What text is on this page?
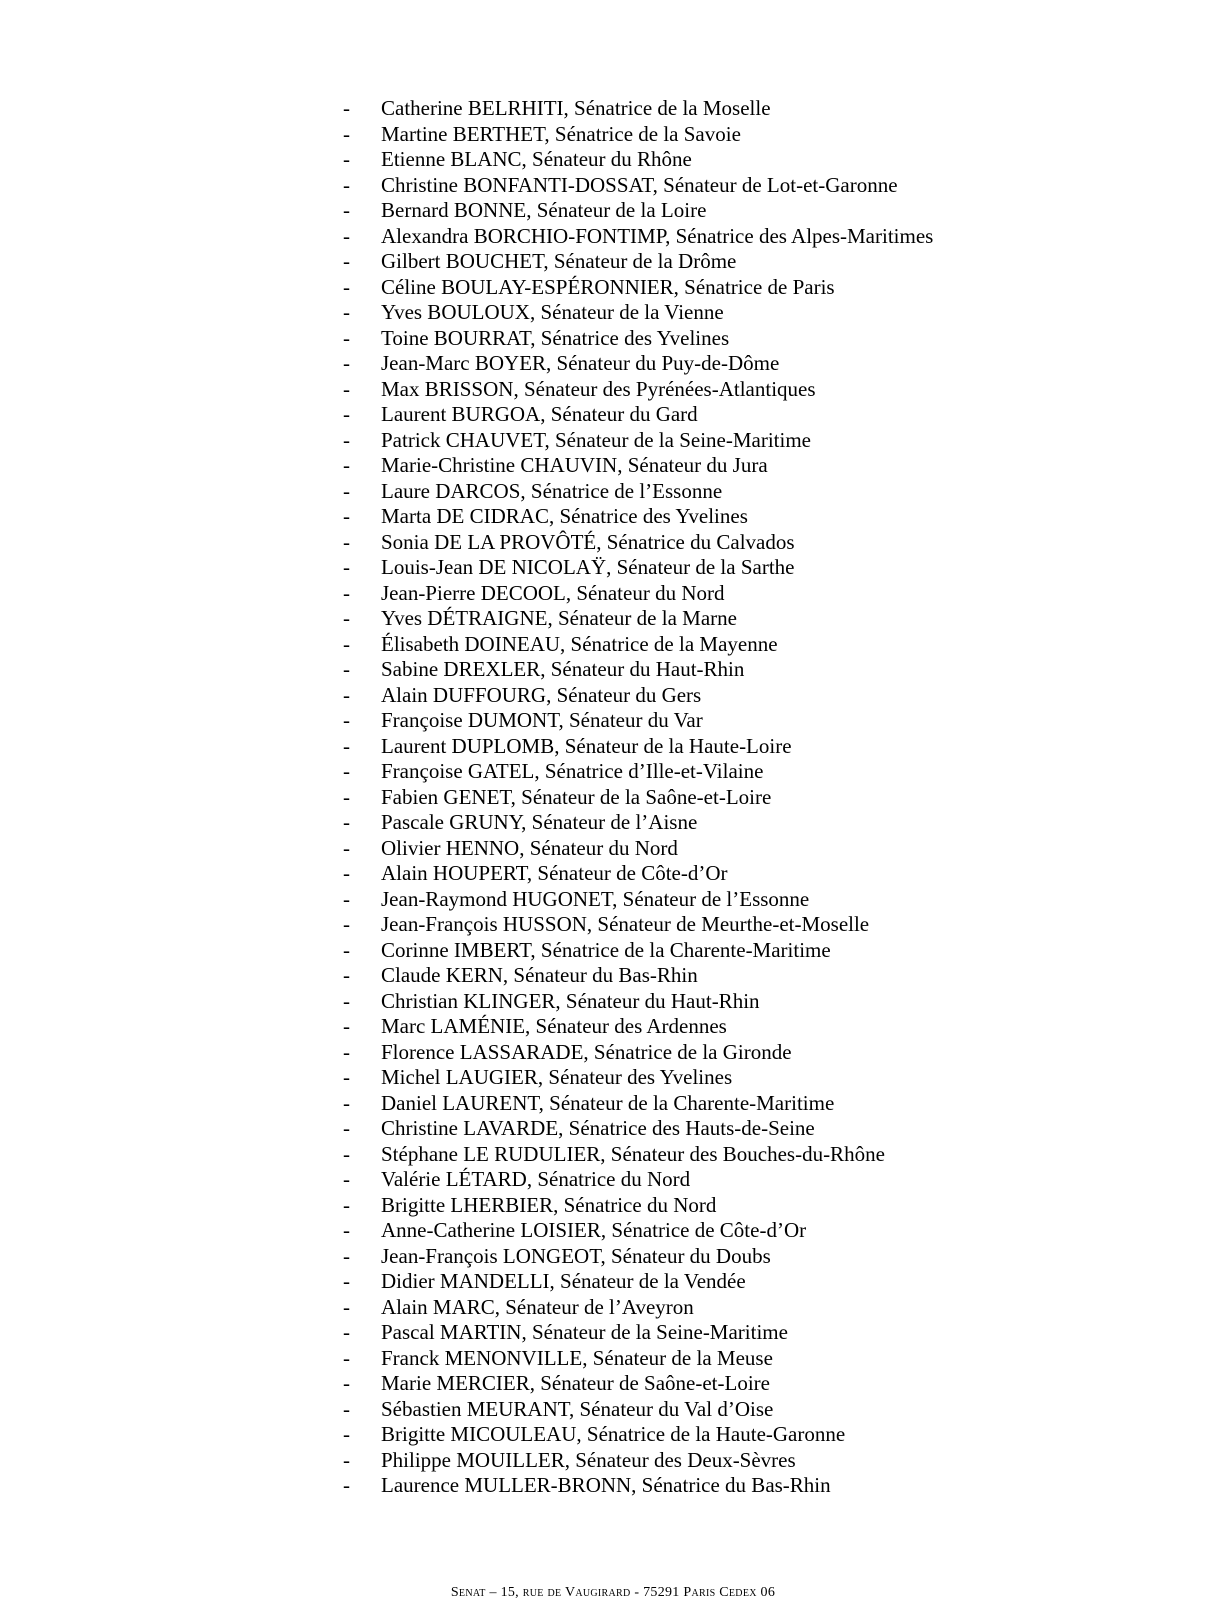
-	Catherine BELRHITI, Sénatrice de la Moselle
-	Martine BERTHET, Sénatrice de la Savoie
-	Etienne BLANC, Sénateur du Rhône
-	Christine BONFANTI-DOSSAT, Sénateur de Lot-et-Garonne
-	Bernard BONNE, Sénateur de la Loire
-	Alexandra BORCHIO-FONTIMP, Sénatrice des Alpes-Maritimes
-	Gilbert BOUCHET, Sénateur de la Drôme
-	Céline BOULAY-ESPÉRONNIER, Sénatrice de Paris
-	Yves BOULOUX, Sénateur de la Vienne
-	Toine BOURRAT, Sénatrice des Yvelines
-	Jean-Marc BOYER, Sénateur du Puy-de-Dôme
-	Max BRISSON, Sénateur des Pyrénées-Atlantiques
-	Laurent BURGOA, Sénateur du Gard
-	Patrick CHAUVET, Sénateur de la Seine-Maritime
-	Marie-Christine CHAUVIN, Sénateur du Jura
-	Laure DARCOS, Sénatrice de l’Essonne
-	Marta DE CIDRAC, Sénatrice des Yvelines
-	Sonia DE LA PROVÔTÉ, Sénatrice du Calvados
-	Louis-Jean DE NICOLAŸ, Sénateur de la Sarthe
-	Jean-Pierre DECOOL, Sénateur du Nord
-	Yves DÉTRAIGNE, Sénateur de la Marne
-	Élisabeth DOINEAU, Sénatrice de la Mayenne
-	Sabine DREXLER, Sénateur du Haut-Rhin
-	Alain DUFFOURG, Sénateur du Gers
-	Françoise DUMONT, Sénateur du Var
-	Laurent DUPLOMB, Sénateur de la Haute-Loire
-	Françoise GATEL, Sénatrice d’Ille-et-Vilaine
-	Fabien GENET, Sénateur de la Saône-et-Loire
-	Pascale GRUNY, Sénateur de l’Aisne
-	Olivier HENNO, Sénateur du Nord
-	Alain HOUPERT, Sénateur de Côte-d’Or
-	Jean-Raymond HUGONET, Sénateur de l’Essonne
-	Jean-François HUSSON, Sénateur de Meurthe-et-Moselle
-	Corinne IMBERT, Sénatrice de la Charente-Maritime
-	Claude KERN, Sénateur du Bas-Rhin
-	Christian KLINGER, Sénateur du Haut-Rhin
-	Marc LAMÉNIE, Sénateur des Ardennes
-	Florence LASSARADE, Sénatrice de la Gironde
-	Michel LAUGIER, Sénateur des Yvelines
-	Daniel LAURENT, Sénateur de la Charente-Maritime
-	Christine LAVARDE, Sénatrice des Hauts-de-Seine
-	Stéphane LE RUDULIER, Sénateur des Bouches-du-Rhône
-	Valérie LÉTARD, Sénatrice du Nord
-	Brigitte LHERBIER, Sénatrice du Nord
-	Anne-Catherine LOISIER, Sénatrice de Côte-d’Or
-	Jean-François LONGEOT, Sénateur du Doubs
-	Didier MANDELLI, Sénateur de la Vendée
-	Alain MARC, Sénateur de l’Aveyron
-	Pascal MARTIN, Sénateur de la Seine-Maritime
-	Franck MENONVILLE, Sénateur de la Meuse
-	Marie MERCIER, Sénateur de Saône-et-Loire
-	Sébastien MEURANT, Sénateur du Val d’Oise
-	Brigitte MICOULEAU, Sénatrice de la Haute-Garonne
-	Philippe MOUILLER, Sénateur des Deux-Sèvres
-	Laurence MULLER-BRONN, Sénatrice du Bas-Rhin
Senat – 15, rue de Vaugirard - 75291 Paris Cedex 06
